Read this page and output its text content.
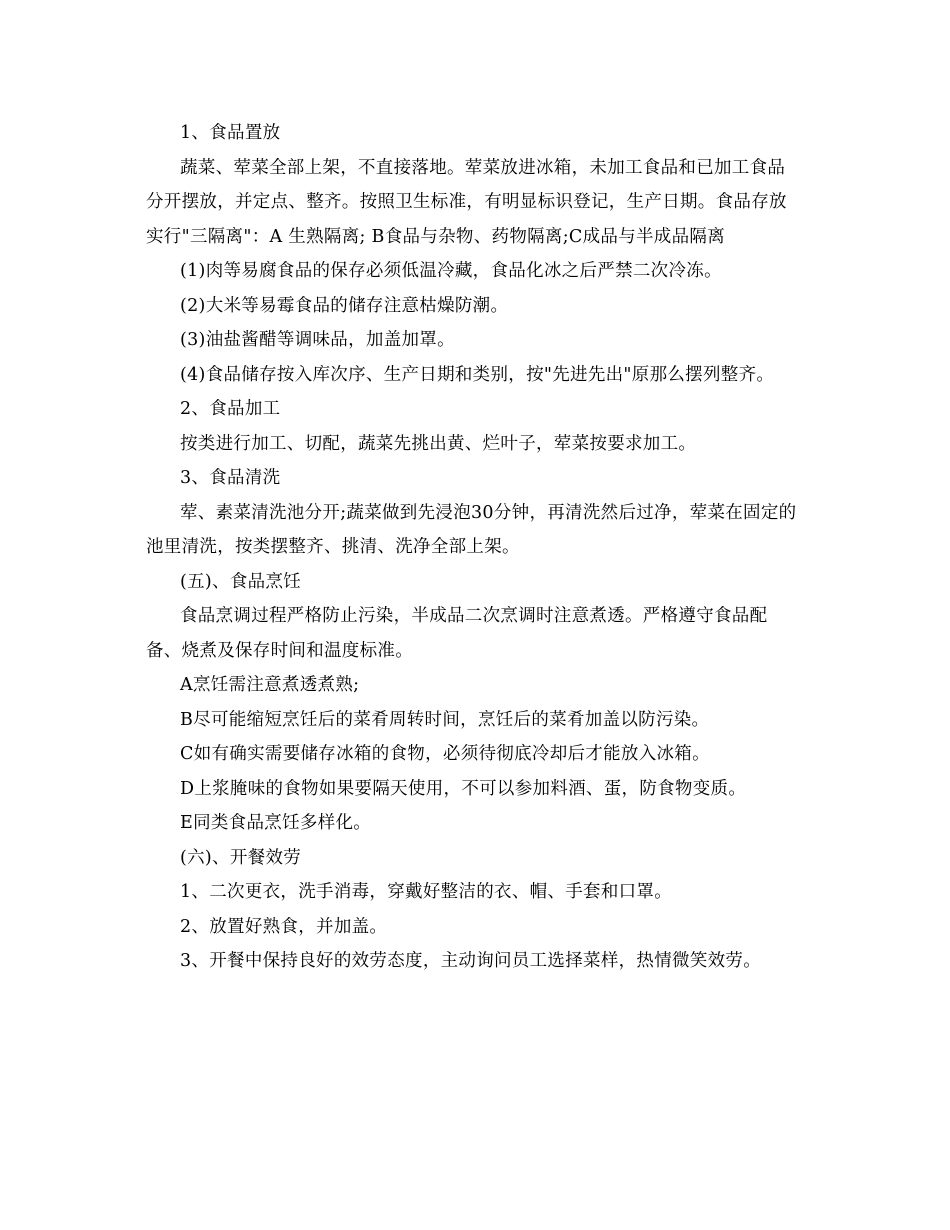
1、食品置放

蔬菜、荤菜全部上架，不直接落地。荤菜放进冰箱，未加工食品和已加工食品分开摆放，并定点、整齐。按照卫生标准，有明显标识登记，生产日期。食品存放实行"三隔离"：A 生熟隔离; B食品与杂物、药物隔离;C成品与半成品隔离

(1)肉等易腐食品的保存必须低温冷藏，食品化冰之后严禁二次冷冻。

(2)大米等易霉食品的储存注意枯燥防潮。

(3)油盐酱醋等调味品，加盖加罩。

(4)食品储存按入库次序、生产日期和类别，按"先进先出"原那么摆列整齐。

2、食品加工

按类进行加工、切配，蔬菜先挑出黄、烂叶子，荤菜按要求加工。

3、食品清洗

荤、素菜清洗池分开;蔬菜做到先浸泡30分钟，再清洗然后过净，荤菜在固定的池里清洗，按类摆整齐、挑清、洗净全部上架。

(五)、食品烹饪

食品烹调过程严格防止污染，半成品二次烹调时注意煮透。严格遵守食品配备、烧煮及保存时间和温度标准。

A烹饪需注意煮透煮熟;

B尽可能缩短烹饪后的菜肴周转时间，烹饪后的菜肴加盖以防污染。

C如有确实需要储存冰箱的食物，必须待彻底冷却后才能放入冰箱。

D上浆腌味的食物如果要隔天使用，不可以参加料酒、蛋，防食物变质。

E同类食品烹饪多样化。

(六)、开餐效劳

1、二次更衣，洗手消毒，穿戴好整洁的衣、帽、手套和口罩。

2、放置好熟食，并加盖。

3、开餐中保持良好的效劳态度，主动询问员工选择菜样，热情微笑效劳。
